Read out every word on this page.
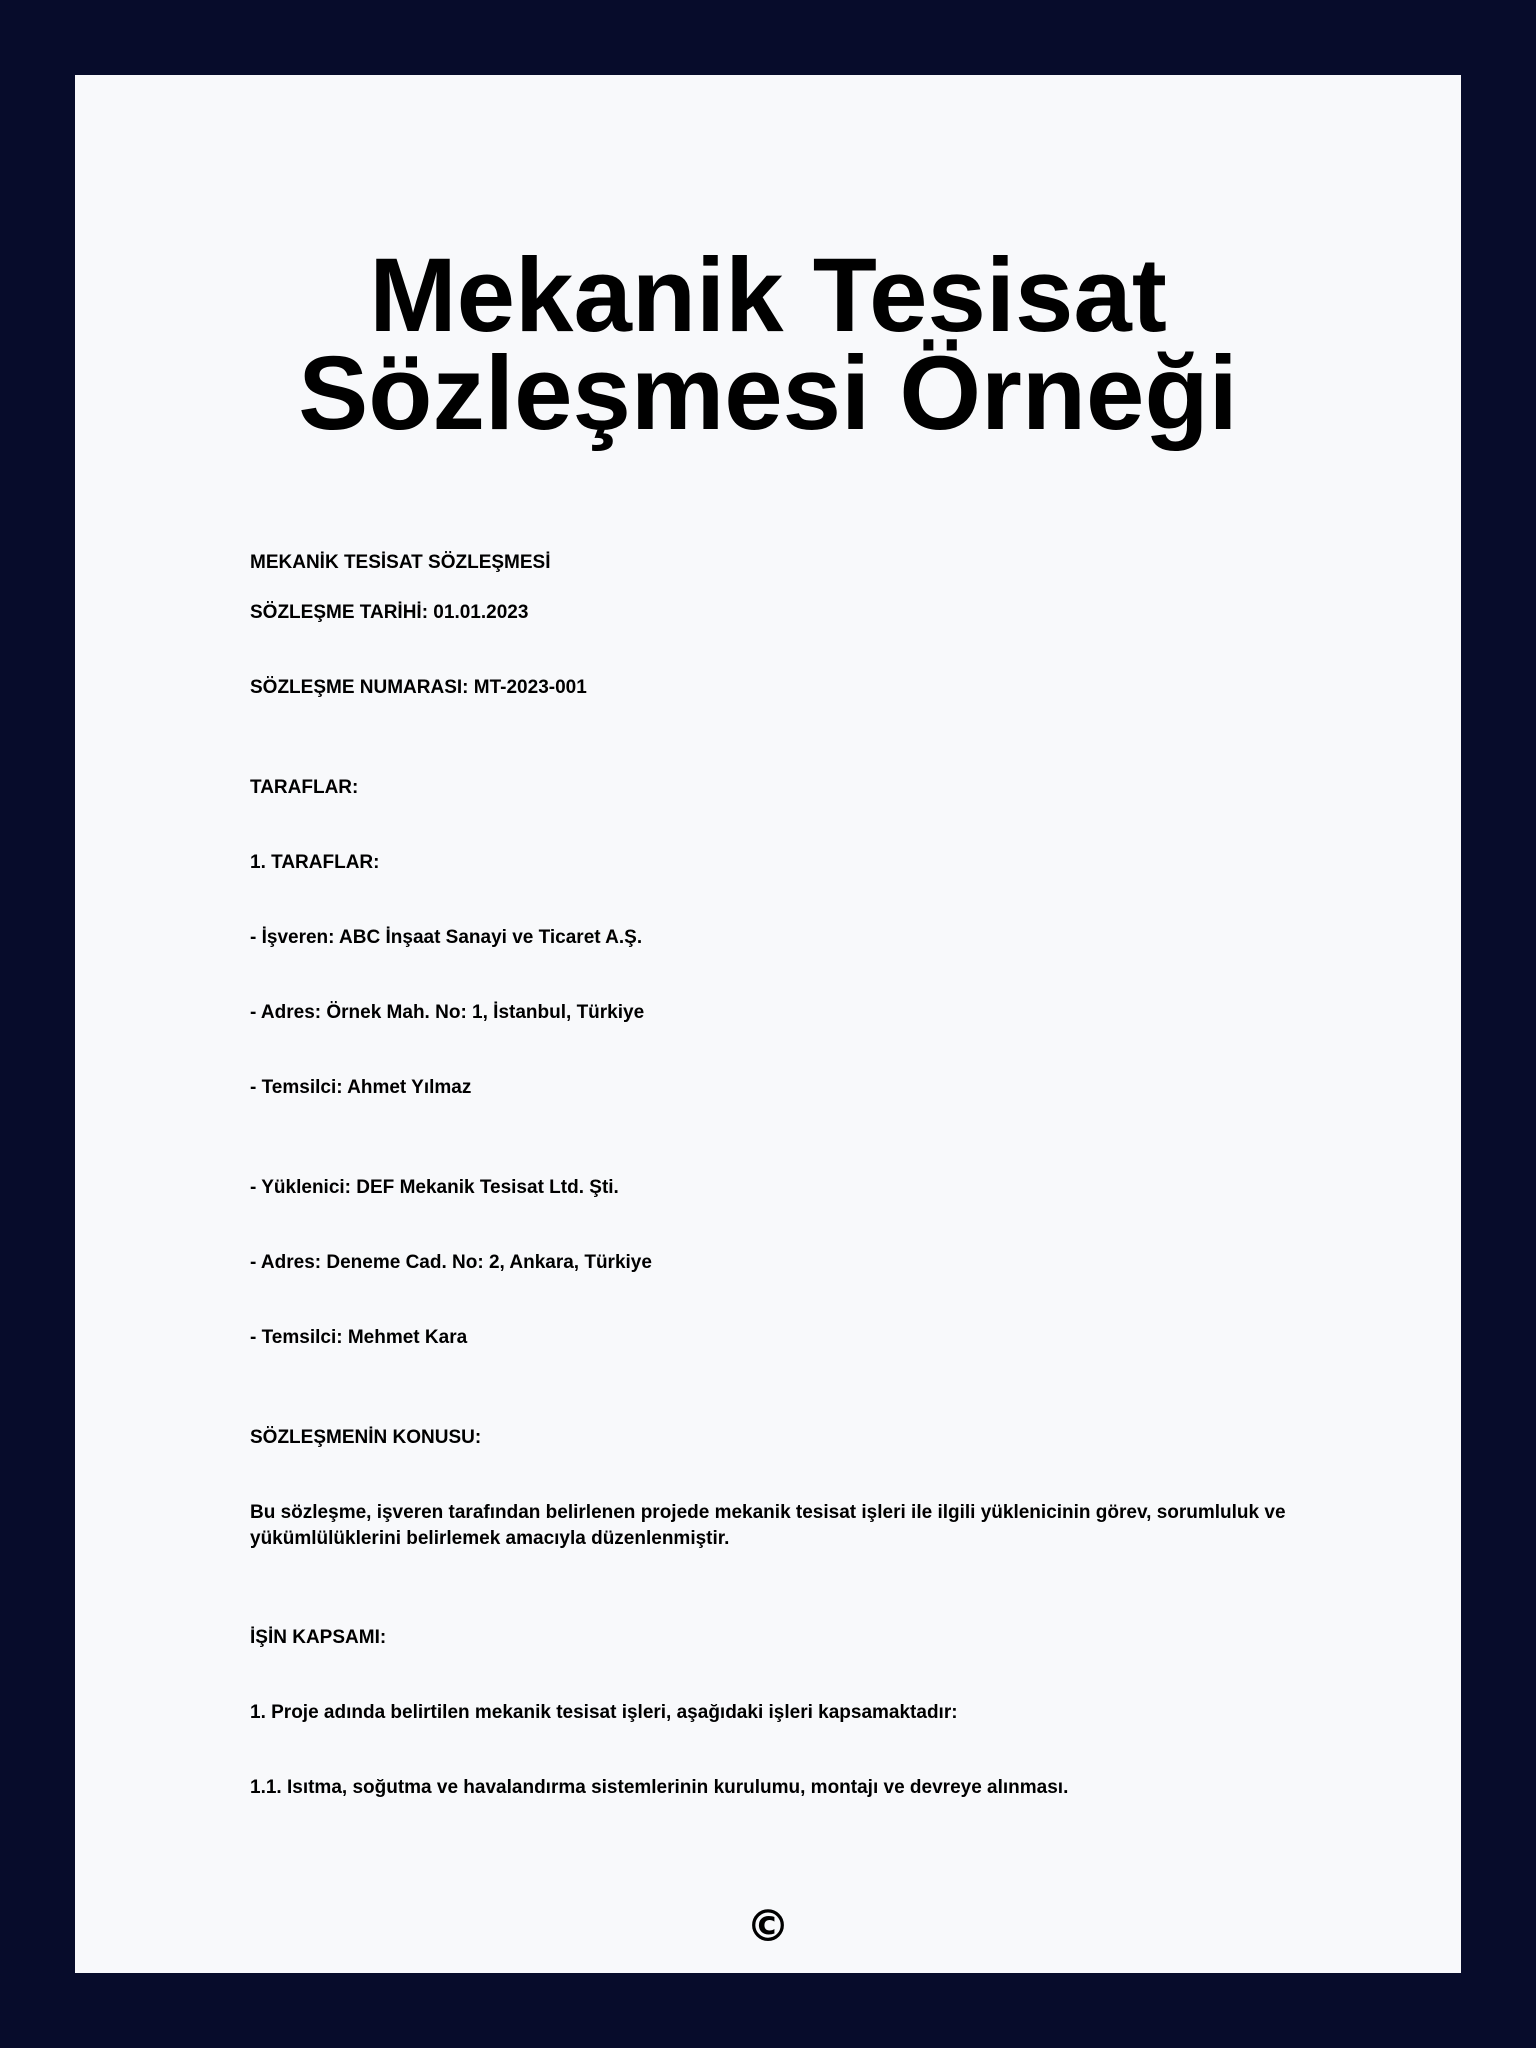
Mekanik Tesisat Sözleşmesi Örneği

MEKANİK TESİSAT SÖZLEŞMESİ

SÖZLEŞME TARİHİ: 01.01.2023

SÖZLEŞME NUMARASI: MT-2023-001

TARAFLAR:

1. TARAFLAR:

- İşveren: ABC İnşaat Sanayi ve Ticaret A.Ş.

- Adres: Örnek Mah. No: 1, İstanbul, Türkiye

- Temsilci: Ahmet Yılmaz

- Yüklenici: DEF Mekanik Tesisat Ltd. Şti.

- Adres: Deneme Cad. No: 2, Ankara, Türkiye

- Temsilci: Mehmet Kara

SÖZLEŞMENİN KONUSU:

Bu sözleşme, işveren tarafından belirlenen projede mekanik tesisat işleri ile ilgili yüklenicinin görev, sorumluluk ve yükümlülüklerini belirlemek amacıyla düzenlenmiştir.

İŞİN KAPSAMI:

1. Proje adında belirtilen mekanik tesisat işleri, aşağıdaki işleri kapsamaktadır:

1.1. Isıtma, soğutma ve havalandırma sistemlerinin kurulumu, montajı ve devreye alınması.

©
